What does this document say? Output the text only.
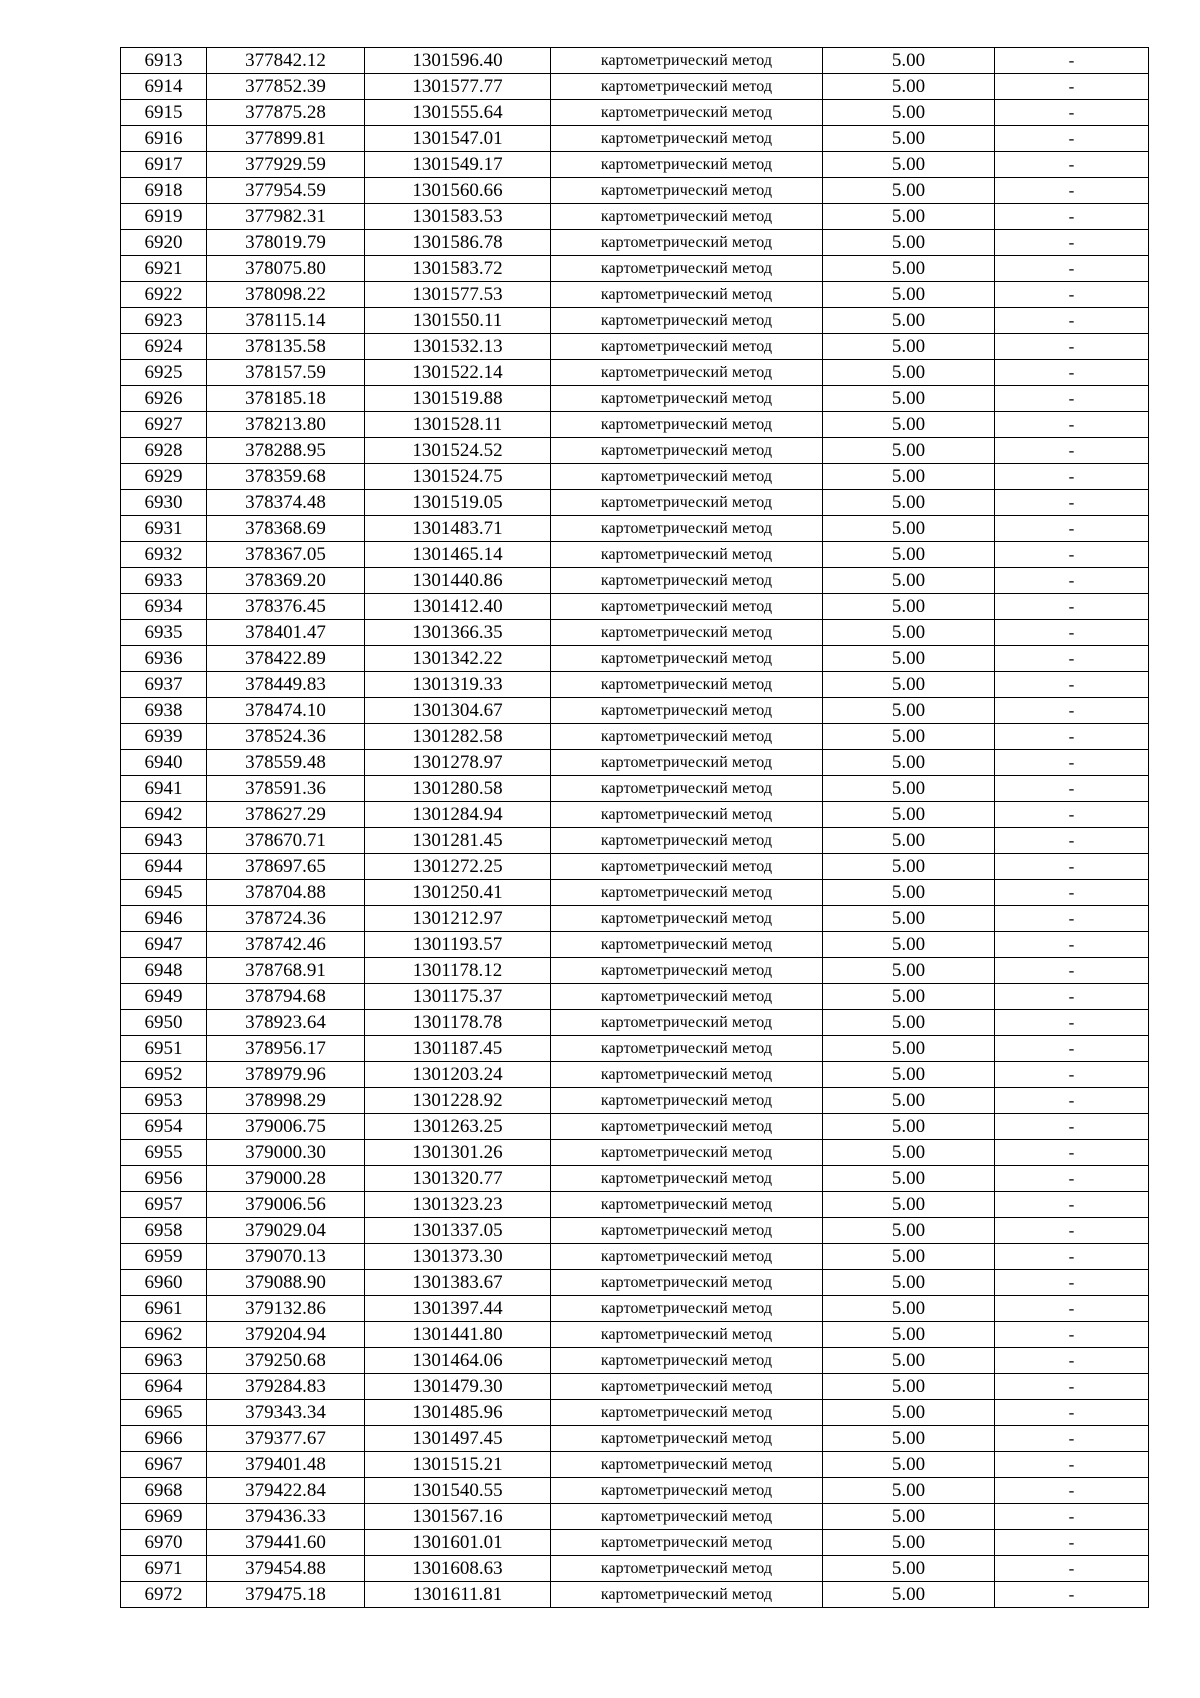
6913	377842.12	1301596.40	картометрический метод	5.00	-
6914	377852.39	1301577.77	картометрический метод	5.00	-
6915	377875.28	1301555.64	картометрический метод	5.00	-
6916	377899.81	1301547.01	картометрический метод	5.00	-
6917	377929.59	1301549.17	картометрический метод	5.00	-
6918	377954.59	1301560.66	картометрический метод	5.00	-
6919	377982.31	1301583.53	картометрический метод	5.00	-
6920	378019.79	1301586.78	картометрический метод	5.00	-
6921	378075.80	1301583.72	картометрический метод	5.00	-
6922	378098.22	1301577.53	картометрический метод	5.00	-
6923	378115.14	1301550.11	картометрический метод	5.00	-
6924	378135.58	1301532.13	картометрический метод	5.00	-
6925	378157.59	1301522.14	картометрический метод	5.00	-
6926	378185.18	1301519.88	картометрический метод	5.00	-
6927	378213.80	1301528.11	картометрический метод	5.00	-
6928	378288.95	1301524.52	картометрический метод	5.00	-
6929	378359.68	1301524.75	картометрический метод	5.00	-
6930	378374.48	1301519.05	картометрический метод	5.00	-
6931	378368.69	1301483.71	картометрический метод	5.00	-
6932	378367.05	1301465.14	картометрический метод	5.00	-
6933	378369.20	1301440.86	картометрический метод	5.00	-
6934	378376.45	1301412.40	картометрический метод	5.00	-
6935	378401.47	1301366.35	картометрический метод	5.00	-
6936	378422.89	1301342.22	картометрический метод	5.00	-
6937	378449.83	1301319.33	картометрический метод	5.00	-
6938	378474.10	1301304.67	картометрический метод	5.00	-
6939	378524.36	1301282.58	картометрический метод	5.00	-
6940	378559.48	1301278.97	картометрический метод	5.00	-
6941	378591.36	1301280.58	картометрический метод	5.00	-
6942	378627.29	1301284.94	картометрический метод	5.00	-
6943	378670.71	1301281.45	картометрический метод	5.00	-
6944	378697.65	1301272.25	картометрический метод	5.00	-
6945	378704.88	1301250.41	картометрический метод	5.00	-
6946	378724.36	1301212.97	картометрический метод	5.00	-
6947	378742.46	1301193.57	картометрический метод	5.00	-
6948	378768.91	1301178.12	картометрический метод	5.00	-
6949	378794.68	1301175.37	картометрический метод	5.00	-
6950	378923.64	1301178.78	картометрический метод	5.00	-
6951	378956.17	1301187.45	картометрический метод	5.00	-
6952	378979.96	1301203.24	картометрический метод	5.00	-
6953	378998.29	1301228.92	картометрический метод	5.00	-
6954	379006.75	1301263.25	картометрический метод	5.00	-
6955	379000.30	1301301.26	картометрический метод	5.00	-
6956	379000.28	1301320.77	картометрический метод	5.00	-
6957	379006.56	1301323.23	картометрический метод	5.00	-
6958	379029.04	1301337.05	картометрический метод	5.00	-
6959	379070.13	1301373.30	картометрический метод	5.00	-
6960	379088.90	1301383.67	картометрический метод	5.00	-
6961	379132.86	1301397.44	картометрический метод	5.00	-
6962	379204.94	1301441.80	картометрический метод	5.00	-
6963	379250.68	1301464.06	картометрический метод	5.00	-
6964	379284.83	1301479.30	картометрический метод	5.00	-
6965	379343.34	1301485.96	картометрический метод	5.00	-
6966	379377.67	1301497.45	картометрический метод	5.00	-
6967	379401.48	1301515.21	картометрический метод	5.00	-
6968	379422.84	1301540.55	картометрический метод	5.00	-
6969	379436.33	1301567.16	картометрический метод	5.00	-
6970	379441.60	1301601.01	картометрический метод	5.00	-
6971	379454.88	1301608.63	картометрический метод	5.00	-
6972	379475.18	1301611.81	картометрический метод	5.00	-
